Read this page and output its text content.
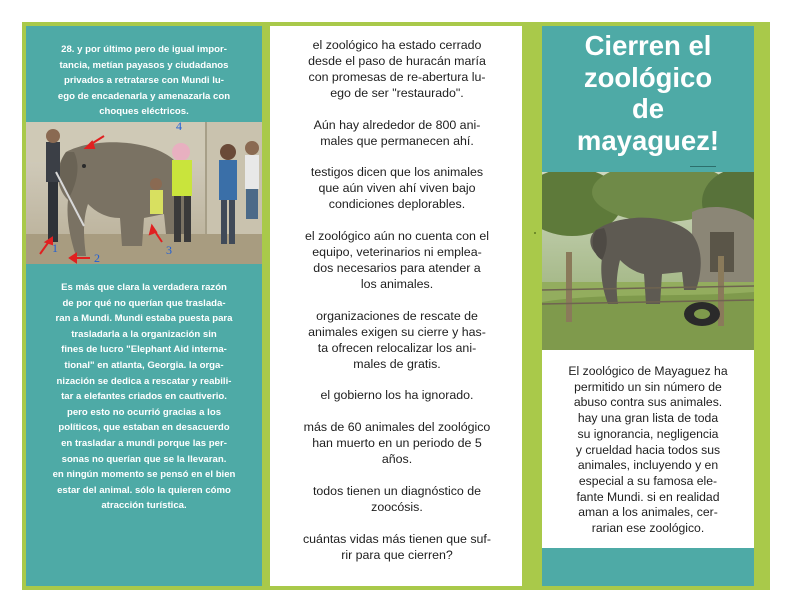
28. y por último pero de igual impor-
tancia, metían payasos y ciudadanos
privados a retratarse con Mundi lu-
ego de encadenarla y amenazarla con
choques eléctricos.

1
2
3
4

Es más que clara la verdadera razón
de por qué no querían que traslada-
ran a Mundi. Mundi estaba puesta para
trasladarla a la organización sin
fines de lucro "Elephant Aid interna-
tional" en atlanta, Georgia. la orga-
nización se dedica a rescatar y reabili-
tar a elefantes criados en cautiverio.
pero esto no ocurrió gracias a los
políticos, que estaban en desacuerdo
en trasladar a mundi porque las per-
sonas no querían que se la llevaran.
en ningún momento se pensó en el bien
estar del animal. sólo la quieren cómo
atracción turística.

el zoológico ha estado cerrado
desde el paso de huracán maría
con promesas de re-abertura lu-
ego de ser "restaurado".

Aún hay alrededor de 800 ani-
males que permanecen ahí.

testigos dicen que los animales
que aún viven ahí viven bajo
condiciones deplorables.

el zoológico aún no cuenta con el
equipo, veterinarios ni emplea-
dos necesarios para atender a
los animales.

organizaciones de rescate de
animales exigen su cierre y has-
ta ofrecen relocalizar los ani-
males de gratis.

el gobierno los ha ignorado.

más de 60 animales del zoológico
han muerto en un periodo de 5
años.

todos tienen un diagnóstico de
zoocósis.

cuántas vidas más tienen que suf-
rir para que cierren?

Cierren el
zoológico
de
mayaguez!

El zoológico de Mayaguez ha
permitido un sin número de
abuso contra sus animales.
hay una gran lista de toda
su ignorancia, negligencia
y crueldad hacia todos sus
animales, incluyendo y en
especial a su famosa ele-
fante Mundi. si en realidad
aman a los animales, cer-
rarian ese zoológico.
